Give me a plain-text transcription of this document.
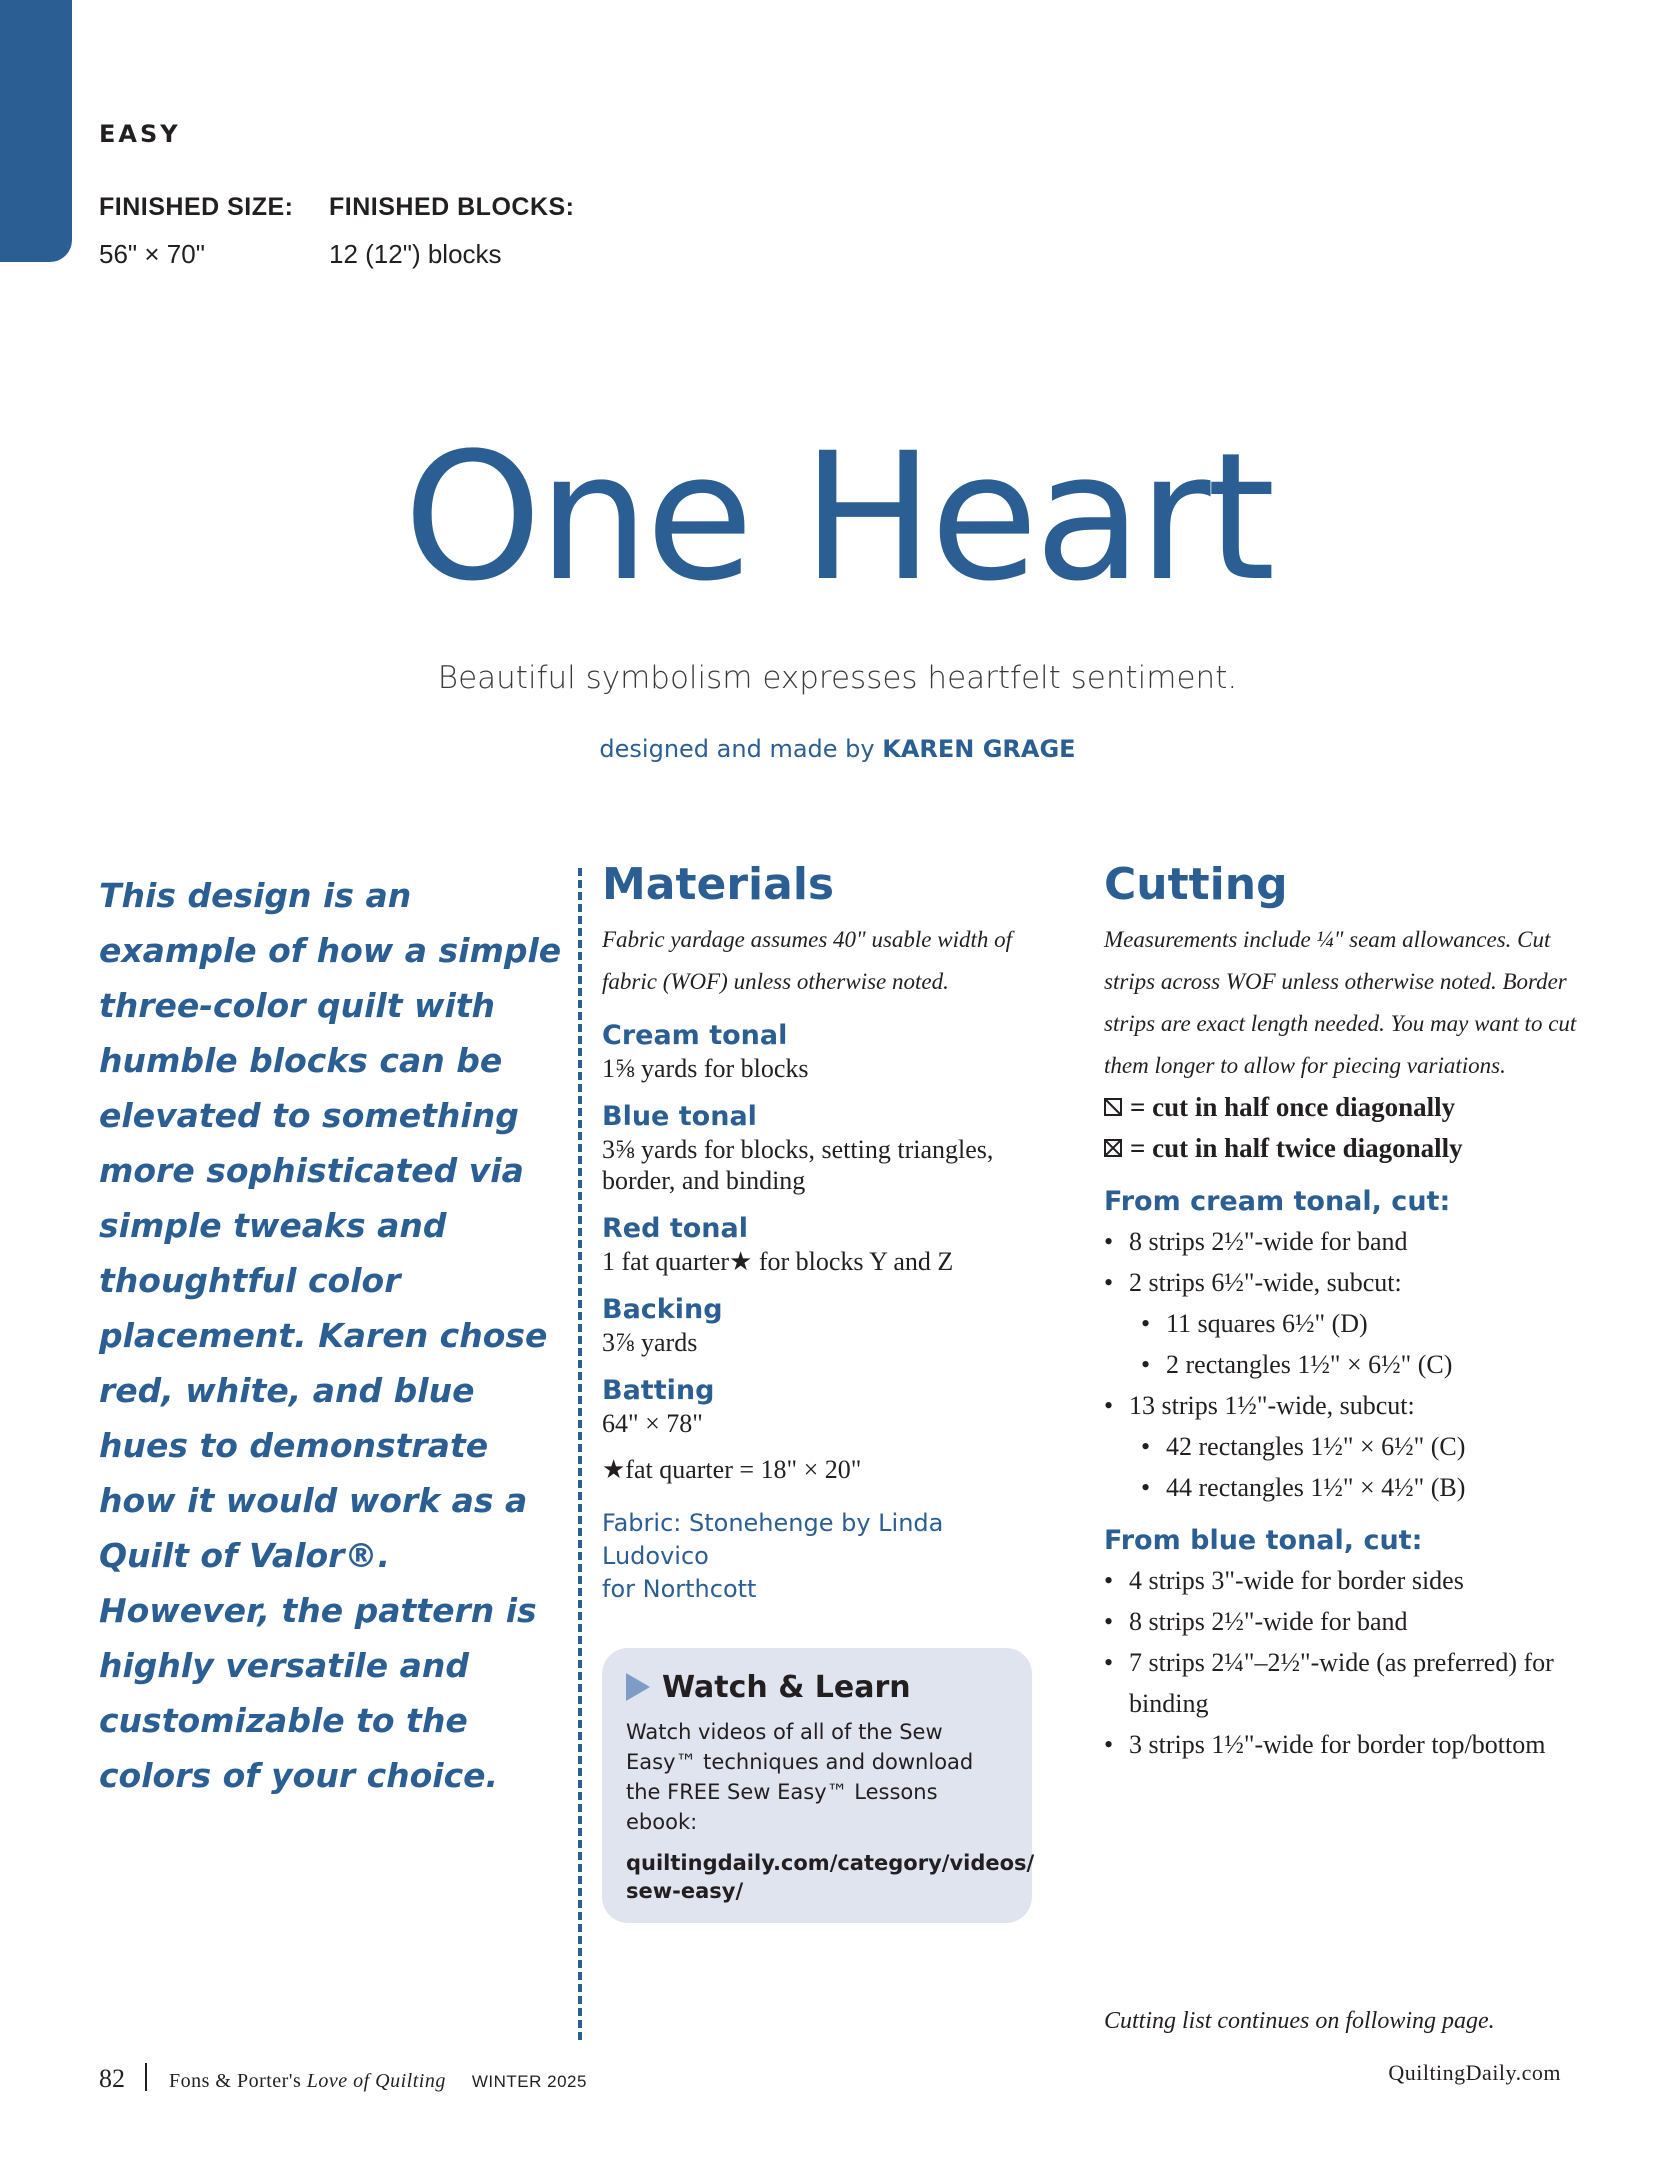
EASY
FINISHED SIZE:
56" × 70"
FINISHED BLOCKS:
12 (12") blocks
One Heart
Beautiful symbolism expresses heartfelt sentiment.
designed and made by KAREN GRAGE
This design is an example of how a simple three-color quilt with humble blocks can be elevated to something more sophisticated via simple tweaks and thoughtful color placement. Karen chose red, white, and blue hues to demonstrate how it would work as a Quilt of Valor®. However, the pattern is highly versatile and customizable to the colors of your choice.
Materials
Fabric yardage assumes 40" usable width of fabric (WOF) unless otherwise noted.
Cream tonal
1⅝ yards for blocks
Blue tonal
3⅝ yards for blocks, setting triangles, border, and binding
Red tonal
1 fat quarter★ for blocks Y and Z
Backing
3⅞ yards
Batting
64" × 78"
★fat quarter = 18" × 20"
Fabric: Stonehenge by Linda Ludovico
for Northcott
Watch & Learn
Watch videos of all of the Sew Easy™ techniques and download the FREE Sew Easy™ Lessons ebook:
quiltingdaily.com/category/videos/
sew-easy/
Cutting
Measurements include ¼" seam allowances. Cut strips across WOF unless otherwise noted. Border strips are exact length needed. You may want to cut them longer to allow for piecing variations.
= cut in half once diagonally
= cut in half twice diagonally
From cream tonal, cut:
• 8 strips 2½"-wide for band
• 2 strips 6½"-wide, subcut:
• 11 squares 6½" (D)
• 2 rectangles 1½" × 6½" (C)
• 13 strips 1½"-wide, subcut:
• 42 rectangles 1½" × 6½" (C)
• 44 rectangles 1½" × 4½" (B)
From blue tonal, cut:
• 4 strips 3"-wide for border sides
• 8 strips 2½"-wide for band
• 7 strips 2¼"–2½"-wide (as preferred) for binding
• 3 strips 1½"-wide for border top/bottom
Cutting list continues on following page.
82 Fons & Porter's Love of Quilting WINTER 2025	QuiltingDaily.com
